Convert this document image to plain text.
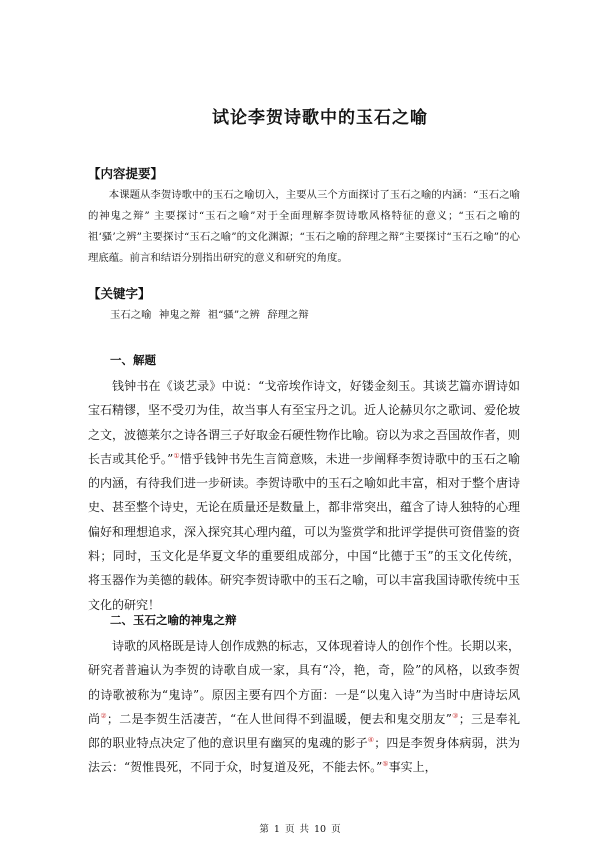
试论李贺诗歌中的玉石之喻
【内容提要】
本课题从李贺诗歌中的玉石之喻切入，主要从三个方面探讨了玉石之喻的内涵：“玉石之喻的神鬼之辩” 主要探讨“玉石之喻”对于全面理解李贺诗歌风格特征的意义；“玉石之喻的祖‘骚’之辨”主要探讨“玉石之喻”的文化渊源；“玉石之喻的辞理之辩”主要探讨“玉石之喻”的心理底蕴。前言和结语分别指出研究的意义和研究的角度。
【关键字】
玉石之喻 神鬼之辩 祖“骚”之辨 辞理之辩
一、解题
钱钟书在《谈艺录》中说：“戈帝埃作诗文，好镂金刻玉。其谈艺篇亦谓诗如宝石精镠，坚不受刃为佳，故当事人有至宝丹之讥。近人论赫贝尔之歌词、爱伦坡之文，波德莱尔之诗各谓三子好取金石硬性物作比喻。窃以为求之吾国故作者，则长吉或其伦乎。”①惜乎钱钟书先生言简意赅，未进一步阐释李贺诗歌中的玉石之喻的内涵，有待我们进一步研读。李贺诗歌中的玉石之喻如此丰富，相对于整个唐诗史、甚至整个诗史，无论在质量还是数量上，都非常突出，蕴含了诗人独特的心理偏好和理想追求，深入探究其心理内蕴，可以为鉴赏学和批评学提供可资借鉴的资料；同时，玉文化是华夏文华的重要组成部分，中国“比德于玉”的玉文化传统，将玉器作为美德的载体。研究李贺诗歌中的玉石之喻，可以丰富我国诗歌传统中玉文化的研究！
二、玉石之喻的神鬼之辩
诗歌的风格既是诗人创作成熟的标志，又体现着诗人的创作个性。长期以来，研究者普遍认为李贺的诗歌自成一家，具有“冷，艳，奇，险”的风格，以致李贺的诗歌被称为“鬼诗”。原因主要有四个方面：一是“以鬼入诗”为当时中唐诗坛风尚②；二是李贺生活凄苦，“在人世间得不到温暖，便去和鬼交朋友”③；三是奉礼郎的职业特点决定了他的意识里有幽冥的鬼魂的影子④；四是李贺身体病弱，洪为法云：“贺惟畏死，不同于众，时复道及死，不能去怀。”⑤事实上，
第 1 页 共 10 页
